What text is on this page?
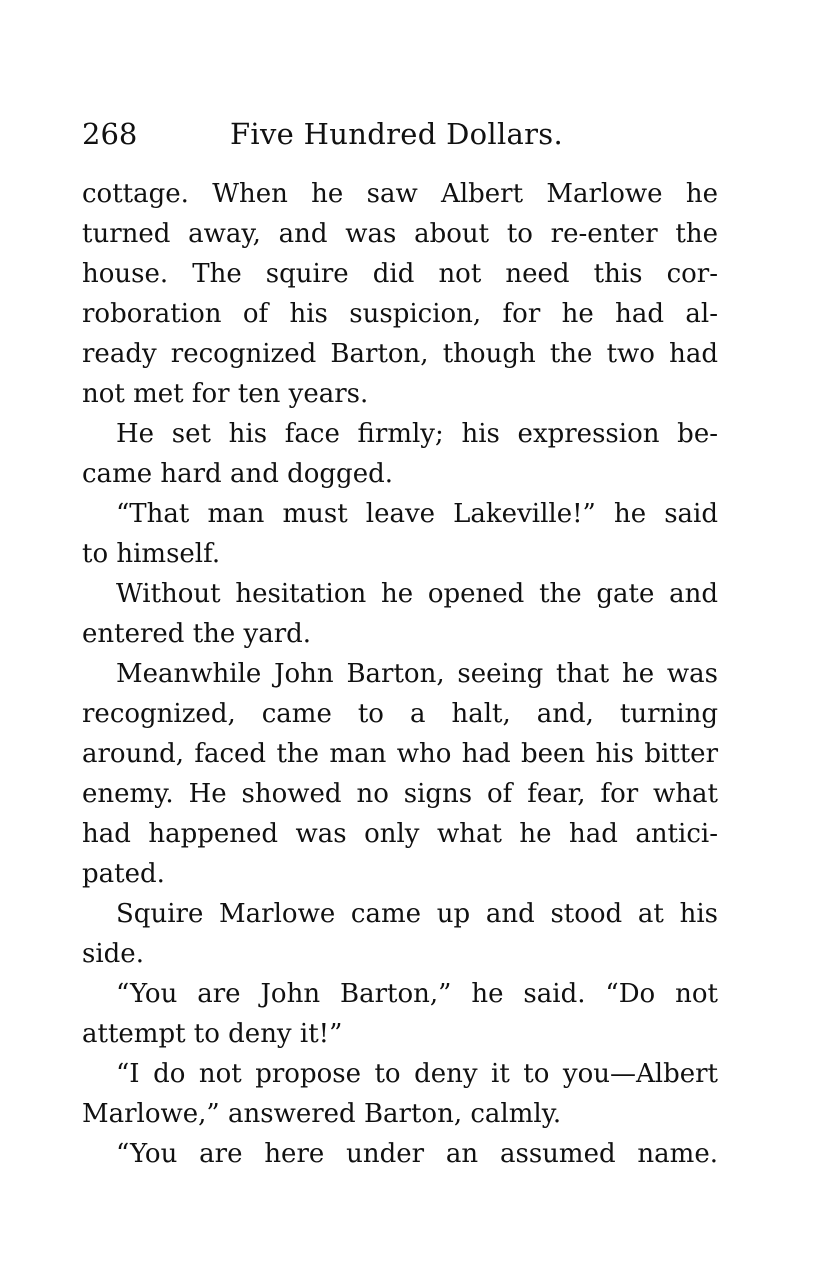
268	Five Hundred Dollars.
cottage. When he saw Albert Marlowe he
turned away, and was about to re-enter the
house. The squire did not need this cor-
roboration of his suspicion, for he had al-
ready recognized Barton, though the two had
not met for ten years.
He set his face firmly; his expression be-
came hard and dogged.
“That man must leave Lakeville!” he said
to himself.
Without hesitation he opened the gate and
entered the yard.
Meanwhile John Barton, seeing that he was
recognized, came to a halt, and, turning
around, faced the man who had been his bitter
enemy. He showed no signs of fear, for what
had happened was only what he had antici-
pated.
Squire Marlowe came up and stood at his
side.
“You are John Barton,” he said. “Do not
attempt to deny it!”
“I do not propose to deny it to you—Albert
Marlowe,” answered Barton, calmly.
“You are here under an assumed name.
